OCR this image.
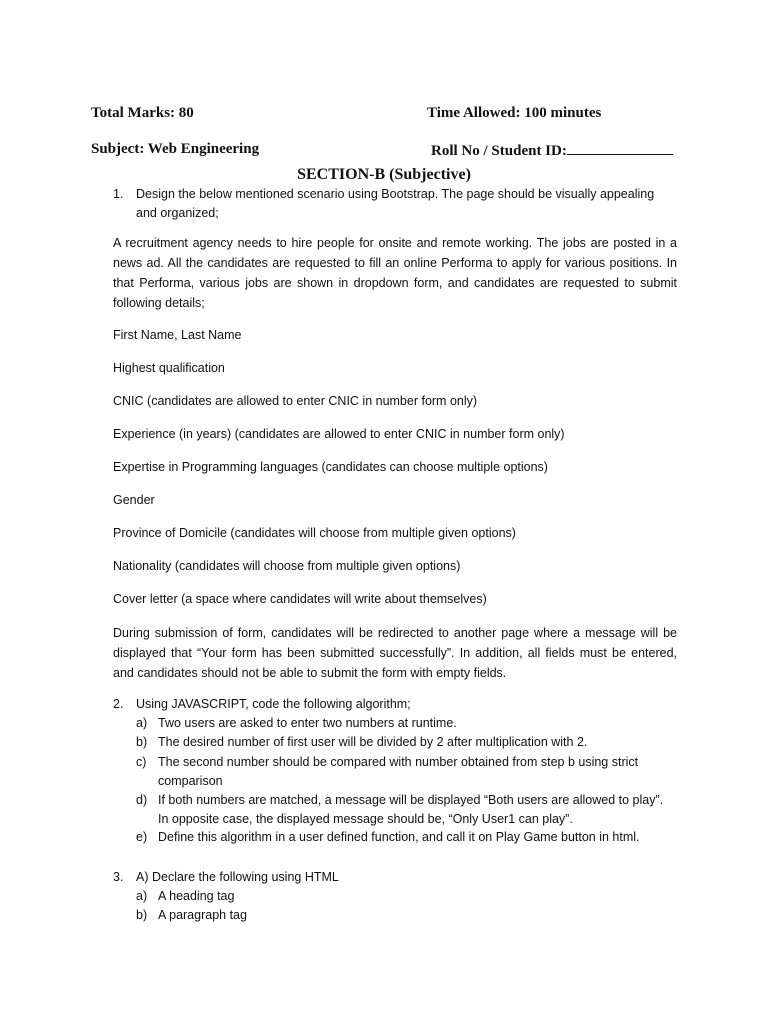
Total Marks: 80	Time Allowed: 100 minutes
Subject: Web Engineering	Roll No / Student ID:
SECTION-B (Subjective)
1. Design the below mentioned scenario using Bootstrap. The page should be visually appealing and organized;
A recruitment agency needs to hire people for onsite and remote working. The jobs are posted in a news ad. All the candidates are requested to fill an online Performa to apply for various positions. In that Performa, various jobs are shown in dropdown form, and candidates are requested to submit following details;
First Name, Last Name
Highest qualification
CNIC (candidates are allowed to enter CNIC in number form only)
Experience (in years) (candidates are allowed to enter CNIC in number form only)
Expertise in Programming languages (candidates can choose multiple options)
Gender
Province of Domicile (candidates will choose from multiple given options)
Nationality (candidates will choose from multiple given options)
Cover letter (a space where candidates will write about themselves)
During submission of form, candidates will be redirected to another page where a message will be displayed that “Your form has been submitted successfully”. In addition, all fields must be entered, and candidates should not be able to submit the form with empty fields.
2. Using JAVASCRIPT, code the following algorithm;
a) Two users are asked to enter two numbers at runtime.
b) The desired number of first user will be divided by 2 after multiplication with 2.
c) The second number should be compared with number obtained from step b using strict comparison
d) If both numbers are matched, a message will be displayed “Both users are allowed to play”. In opposite case, the displayed message should be, “Only User1 can play”.
e) Define this algorithm in a user defined function, and call it on Play Game button in html.
3. A) Declare the following using HTML
a) A heading tag
b) A paragraph tag
